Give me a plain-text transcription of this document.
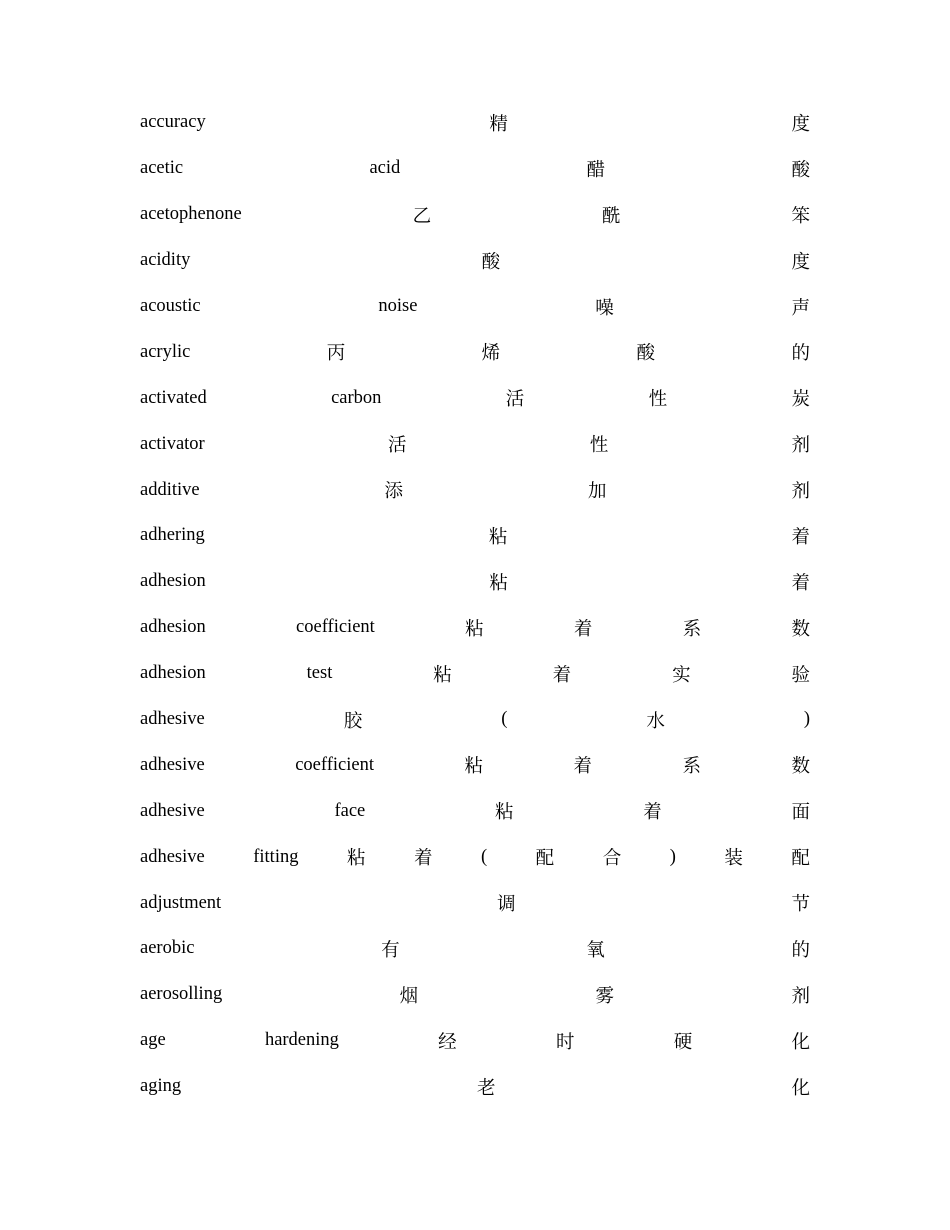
accuracy	精	度
acetic	acid	醋	酸
acetophenone	乙	酰	笨
acidity	酸	度
acoustic	noise	噪	声
acrylic	丙	烯	酸	的
activated	carbon	活	性	炭
activator	活	性	剂
additive	添	加	剂
adhering	粘	着
adhesion	粘	着
adhesion	coefficient	粘	着	系	数
adhesion	test	粘	着	实	验
adhesive	胶	(	水	)
adhesive	coefficient	粘	着	系	数
adhesive	face	粘	着	面
adhesive	fitting	粘	着	(	配	合	)	装	配
adjustment	调	节
aerobic	有	氧	的
aerosolling	烟	雾	剂
age	hardening	经	时	硬	化
aging	老	化
